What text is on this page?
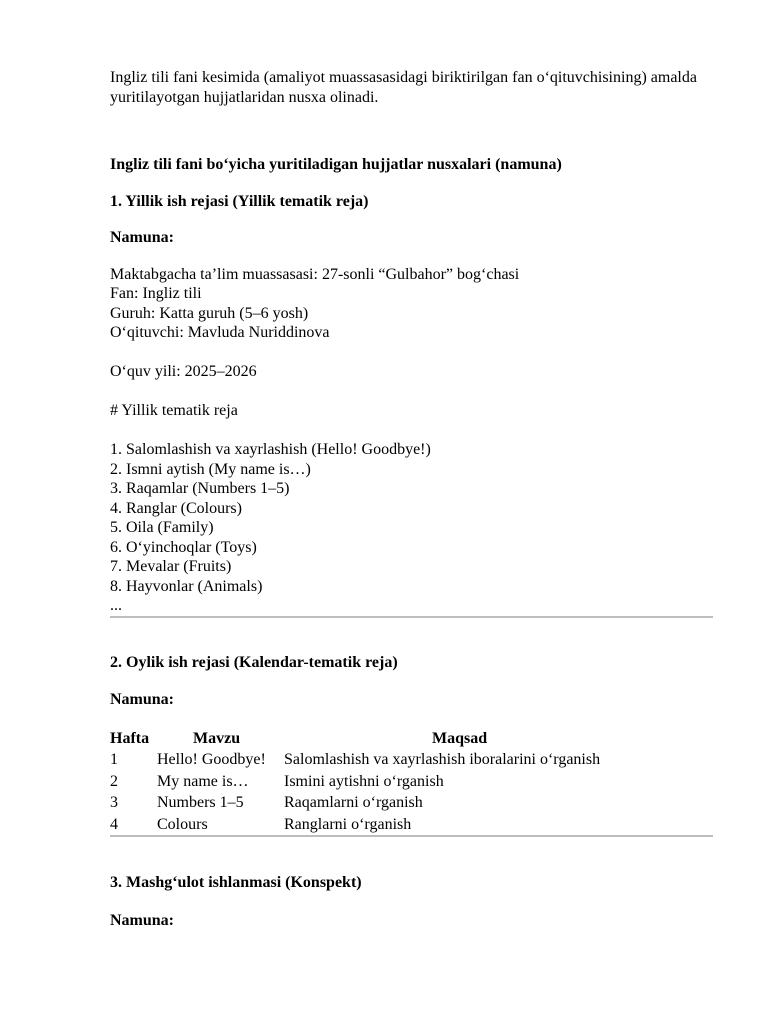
Ingliz tili fani kesimida (amaliyot muassasasidagi biriktirilgan fan o‘qituvchisining) amalda yuritilayotgan hujjatlaridan nusxa olinadi.

Ingliz tili fani bo‘yicha yuritiladigan hujjatlar nusxalari (namuna)

1. Yillik ish rejasi (Yillik tematik reja)

Namuna:

Maktabgacha ta’lim muassasasi: 27-sonli “Gulbahor” bog‘chasi

Fan: Ingliz tili

Guruh: Katta guruh (5–6 yosh)

O‘qituvchi: Mavluda Nuriddinova

O‘quv yili: 2025–2026

# Yillik tematik reja

1. Salomlashish va xayrlashish (Hello! Goodbye!)

2. Ismni aytish (My name is…)

3. Raqamlar (Numbers 1–5)

4. Ranglar (Colours)

5. Oila (Family)

6. O‘yinchoqlar (Toys)

7. Mevalar (Fruits)

8. Hayvonlar (Animals)

...

2. Oylik ish rejasi (Kalendar-tematik reja)

Namuna:

Hafta	Mavzu	Maqsad
1	Hello! Goodbye!	Salomlashish va xayrlashish iboralarini o‘rganish
2	My name is…	Ismini aytishni o‘rganish
3	Numbers 1–5	Raqamlarni o‘rganish
4	Colours	Ranglarni o‘rganish

3. Mashg‘ulot ishlanmasi (Konspekt)

Namuna:
